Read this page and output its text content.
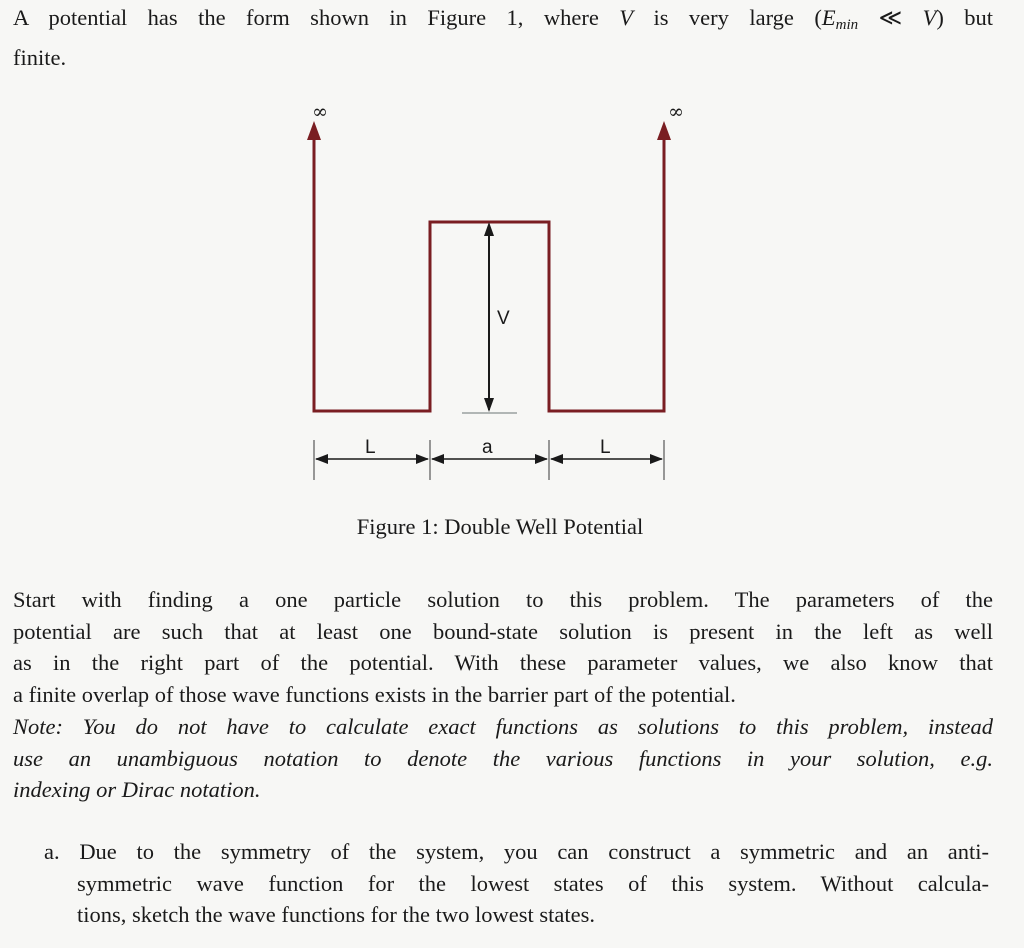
A potential has the form shown in Figure 1, where V is very large (Emin ≪ V) but
finite.
∞	∞
V
L	a	L
Figure 1: Double Well Potential
Start with finding a one particle solution to this problem. The parameters of the
potential are such that at least one bound-state solution is present in the left as well
as in the right part of the potential. With these parameter values, we also know that
a finite overlap of those wave functions exists in the barrier part of the potential.
Note: You do not have to calculate exact functions as solutions to this problem, instead
use an unambiguous notation to denote the various functions in your solution, e.g.
indexing or Dirac notation.
a. Due to the symmetry of the system, you can construct a symmetric and an anti-
symmetric wave function for the lowest states of this system. Without calcula-
tions, sketch the wave functions for the two lowest states.
